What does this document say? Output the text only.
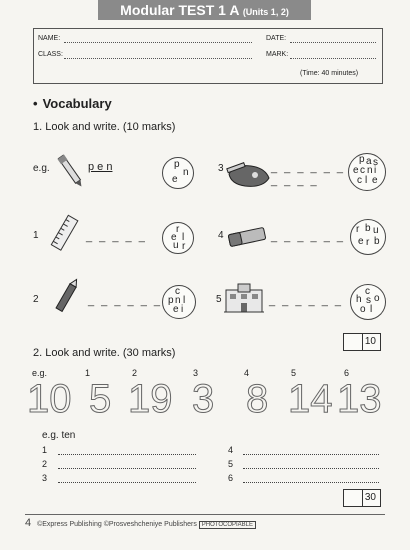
Modular TEST 1 A (Units 1, 2)
NAME:	DATE:
CLASS:	MARK:
(Time: 40 minutes)
• Vocabulary
1. Look and write. (10 marks)
e.g.	p e n
1	_ _ _ _ _
2	_ _ _ _ _ _
p
n
e
r
e l
u r
c
p n l
e i
3	_ _ _ _ _ _
_ _ _ _
4	_ _ _ _ _ _
5	_ _ _ _ _ _
p a s
e c n i
c l e
r b u
e r b
c
h s o
o l
10
2. Look and write. (30 marks)
e.g.	1	2	3	4	5	6
10 5 19 3 8 14 13
e.g. ten
1
2
3
4
5
6
30
4 ©Express Publishing ©Prosveshcheniye Publishers PHOTOCOPIABLE
